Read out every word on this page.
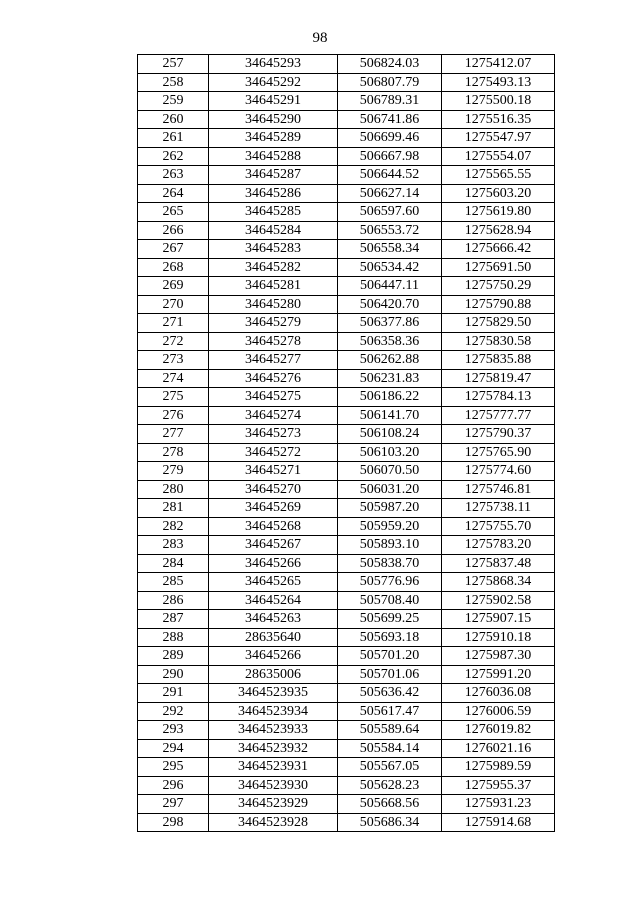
98
257	34645293	506824.03	1275412.07
258	34645292	506807.79	1275493.13
259	34645291	506789.31	1275500.18
260	34645290	506741.86	1275516.35
261	34645289	506699.46	1275547.97
262	34645288	506667.98	1275554.07
263	34645287	506644.52	1275565.55
264	34645286	506627.14	1275603.20
265	34645285	506597.60	1275619.80
266	34645284	506553.72	1275628.94
267	34645283	506558.34	1275666.42
268	34645282	506534.42	1275691.50
269	34645281	506447.11	1275750.29
270	34645280	506420.70	1275790.88
271	34645279	506377.86	1275829.50
272	34645278	506358.36	1275830.58
273	34645277	506262.88	1275835.88
274	34645276	506231.83	1275819.47
275	34645275	506186.22	1275784.13
276	34645274	506141.70	1275777.77
277	34645273	506108.24	1275790.37
278	34645272	506103.20	1275765.90
279	34645271	506070.50	1275774.60
280	34645270	506031.20	1275746.81
281	34645269	505987.20	1275738.11
282	34645268	505959.20	1275755.70
283	34645267	505893.10	1275783.20
284	34645266	505838.70	1275837.48
285	34645265	505776.96	1275868.34
286	34645264	505708.40	1275902.58
287	34645263	505699.25	1275907.15
288	28635640	505693.18	1275910.18
289	34645266	505701.20	1275987.30
290	28635006	505701.06	1275991.20
291	3464523935	505636.42	1276036.08
292	3464523934	505617.47	1276006.59
293	3464523933	505589.64	1276019.82
294	3464523932	505584.14	1276021.16
295	3464523931	505567.05	1275989.59
296	3464523930	505628.23	1275955.37
297	3464523929	505668.56	1275931.23
298	3464523928	505686.34	1275914.68
